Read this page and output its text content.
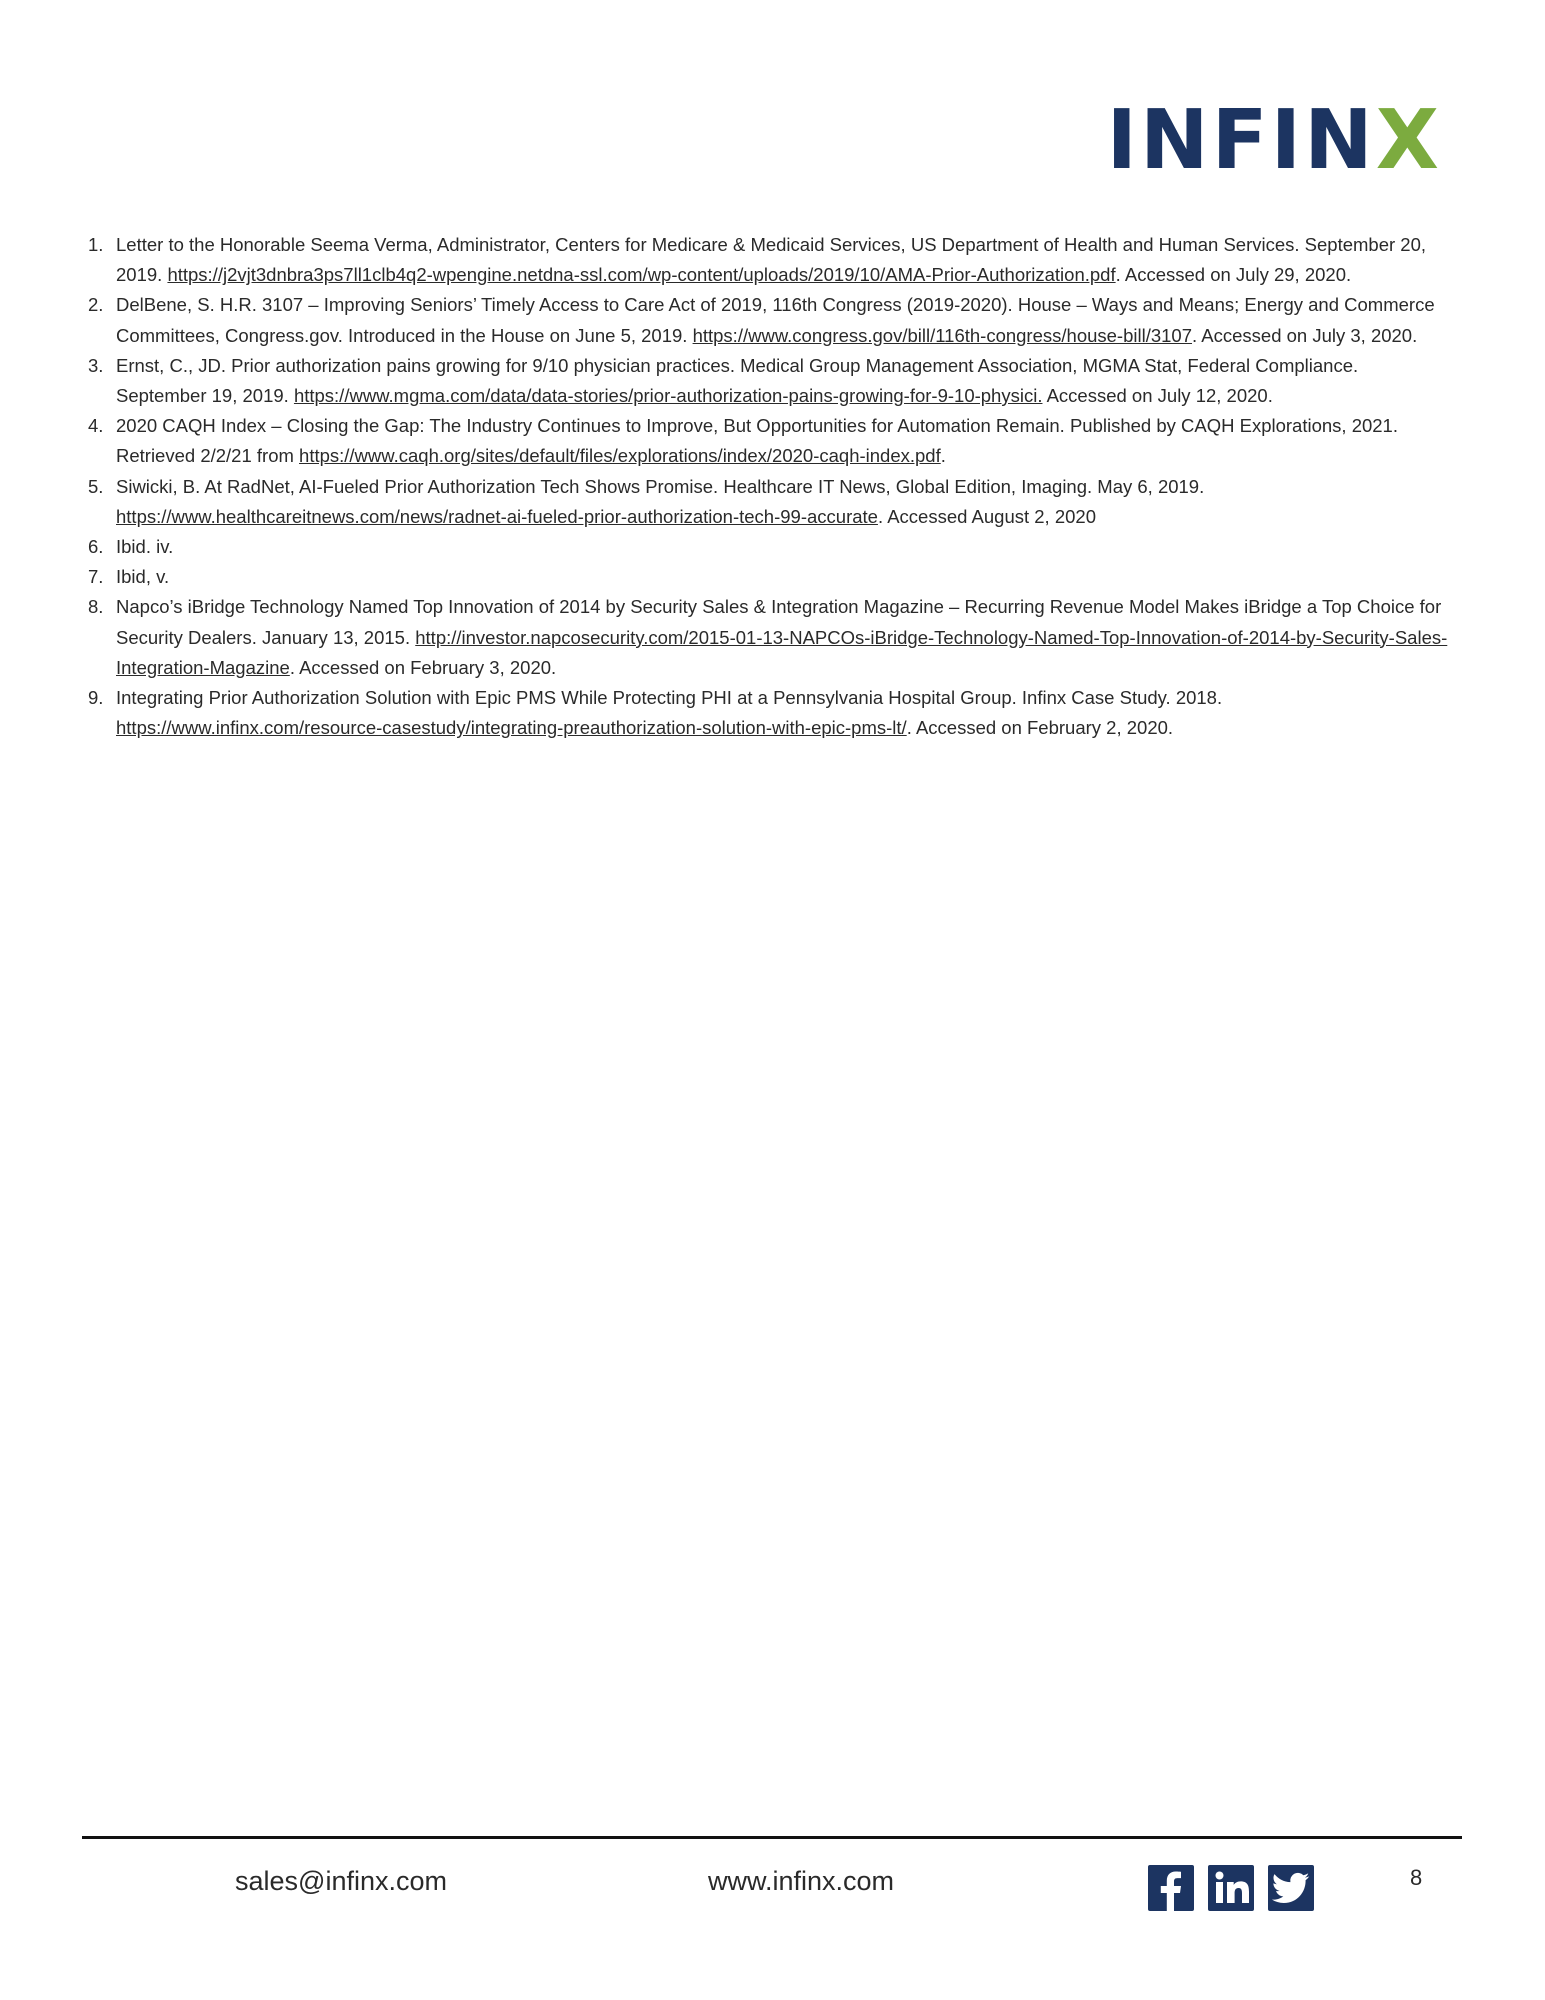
INFINX
1. Letter to the Honorable Seema Verma, Administrator, Centers for Medicare & Medicaid Services, US Department of Health and Human Services. September 20, 2019. https://j2vjt3dnbra3ps7ll1clb4q2-wpengine.netdna-ssl.com/wp-content/uploads/2019/10/AMA-Prior-Authorization.pdf. Accessed on July 29, 2020.
2. DelBene, S. H.R. 3107 – Improving Seniors’ Timely Access to Care Act of 2019, 116th Congress (2019-2020). House – Ways and Means; Energy and Commerce Committees, Congress.gov. Introduced in the House on June 5, 2019. https://www.congress.gov/bill/116th-congress/house-bill/3107. Accessed on July 3, 2020.
3. Ernst, C., JD. Prior authorization pains growing for 9/10 physician practices. Medical Group Management Association, MGMA Stat, Federal Compliance. September 19, 2019. https://www.mgma.com/data/data-stories/prior-authorization-pains-growing-for-9-10-physici. Accessed on July 12, 2020.
4. 2020 CAQH Index – Closing the Gap: The Industry Continues to Improve, But Opportunities for Automation Remain. Published by CAQH Explorations, 2021. Retrieved 2/2/21 from https://www.caqh.org/sites/default/files/explorations/index/2020-caqh-index.pdf.
5. Siwicki, B. At RadNet, AI-Fueled Prior Authorization Tech Shows Promise. Healthcare IT News, Global Edition, Imaging. May 6, 2019. https://www.healthcareitnews.com/news/radnet-ai-fueled-prior-authorization-tech-99-accurate. Accessed August 2, 2020
6. Ibid. iv.
7. Ibid, v.
8. Napco’s iBridge Technology Named Top Innovation of 2014 by Security Sales & Integration Magazine – Recurring Revenue Model Makes iBridge a Top Choice for Security Dealers. January 13, 2015. http://investor.napcosecurity.com/2015-01-13-NAPCOs-iBridge-Technology-Named-Top-Innovation-of-2014-by-Security-Sales-Integration-Magazine. Accessed on February 3, 2020.
9. Integrating Prior Authorization Solution with Epic PMS While Protecting PHI at a Pennsylvania Hospital Group. Infinx Case Study. 2018. https://www.infinx.com/resource-casestudy/integrating-preauthorization-solution-with-epic-pms-lt/. Accessed on February 2, 2020.
sales@infinx.com	www.infinx.com	8
